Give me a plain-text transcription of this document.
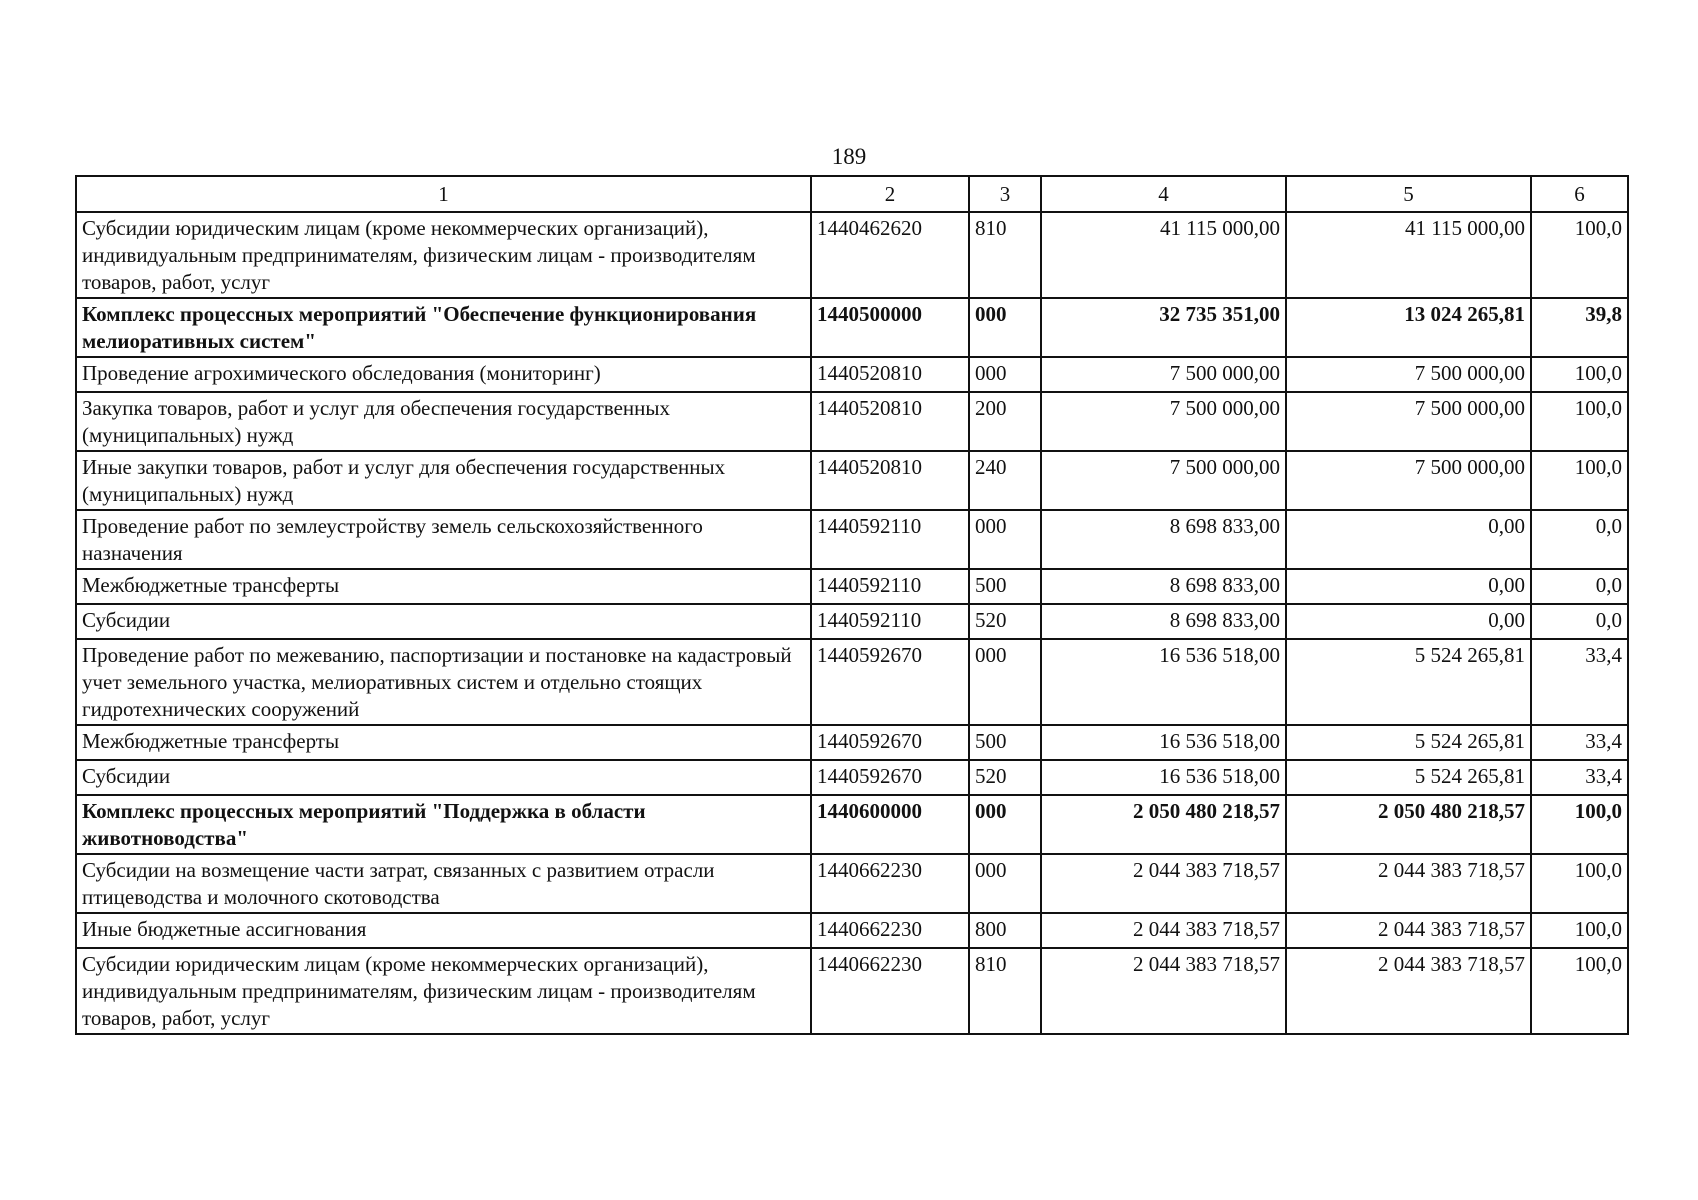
189
1	2	3	4	5	6
Субсидии юридическим лицам (кроме некоммерческих организаций), индивидуальным предпринимателям, физическим лицам - производителям товаров, работ, услуг	1440462620	810	41 115 000,00	41 115 000,00	100,0
Комплекс процессных мероприятий "Обеспечение функционирования мелиоративных систем"	1440500000	000	32 735 351,00	13 024 265,81	39,8
Проведение агрохимического обследования (мониторинг)	1440520810	000	7 500 000,00	7 500 000,00	100,0
Закупка товаров, работ и услуг для обеспечения государственных (муниципальных) нужд	1440520810	200	7 500 000,00	7 500 000,00	100,0
Иные закупки товаров, работ и услуг для обеспечения государственных (муниципальных) нужд	1440520810	240	7 500 000,00	7 500 000,00	100,0
Проведение работ по землеустройству земель сельскохозяйственного назначения	1440592110	000	8 698 833,00	0,00	0,0
Межбюджетные трансферты	1440592110	500	8 698 833,00	0,00	0,0
Субсидии	1440592110	520	8 698 833,00	0,00	0,0
Проведение работ по межеванию, паспортизации и постановке на кадастровый учет земельного участка, мелиоративных систем и отдельно стоящих гидротехнических сооружений	1440592670	000	16 536 518,00	5 524 265,81	33,4
Межбюджетные трансферты	1440592670	500	16 536 518,00	5 524 265,81	33,4
Субсидии	1440592670	520	16 536 518,00	5 524 265,81	33,4
Комплекс процессных мероприятий "Поддержка в области животноводства"	1440600000	000	2 050 480 218,57	2 050 480 218,57	100,0
Субсидии на возмещение части затрат, связанных с развитием отрасли птицеводства и молочного скотоводства	1440662230	000	2 044 383 718,57	2 044 383 718,57	100,0
Иные бюджетные ассигнования	1440662230	800	2 044 383 718,57	2 044 383 718,57	100,0
Субсидии юридическим лицам (кроме некоммерческих организаций), индивидуальным предпринимателям, физическим лицам - производителям товаров, работ, услуг	1440662230	810	2 044 383 718,57	2 044 383 718,57	100,0
